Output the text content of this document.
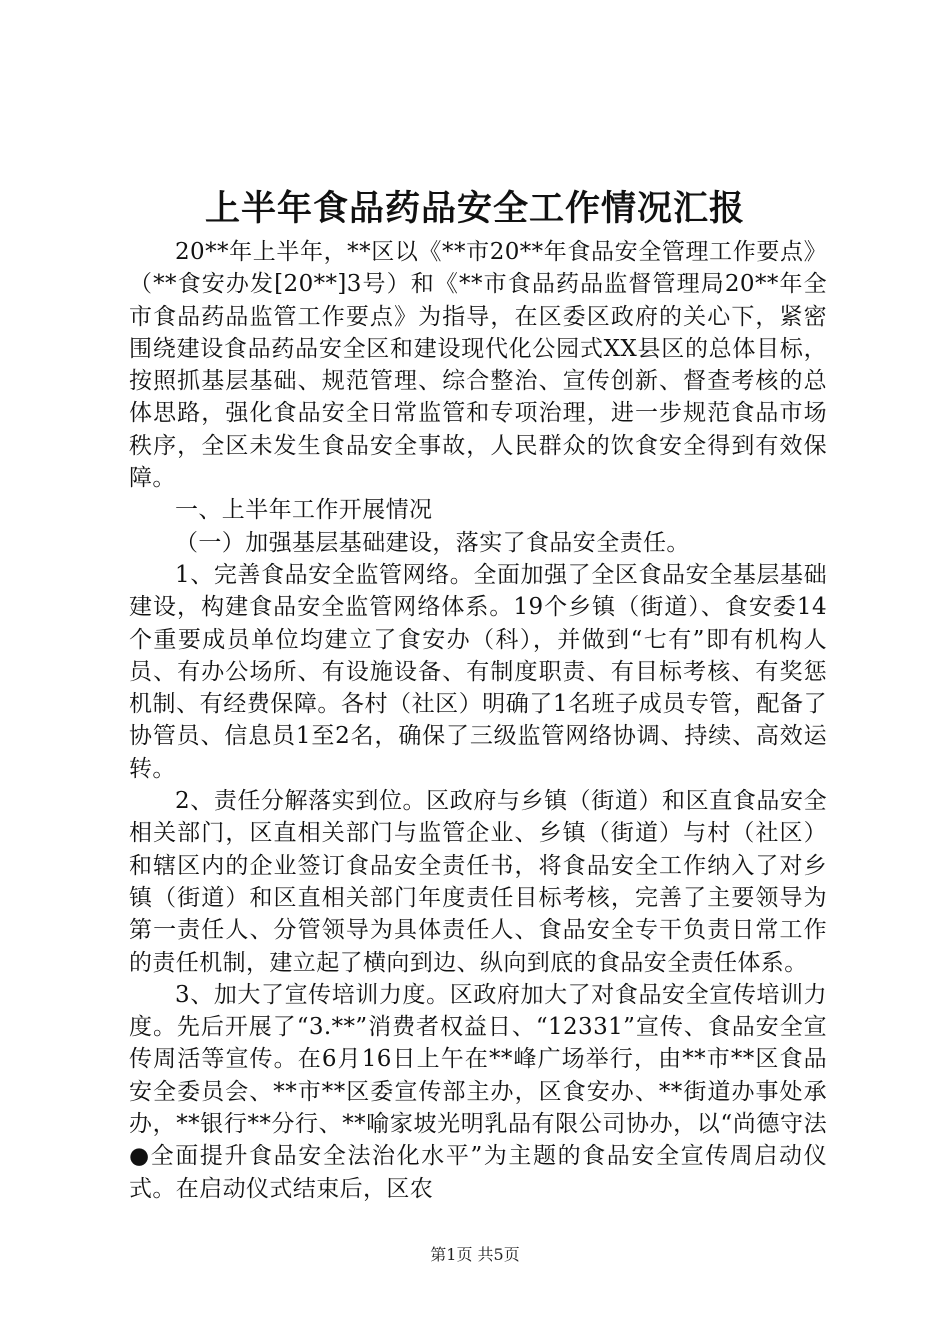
上半年食品药品安全工作情况汇报

20**年上半年，**区以《**市20**年食品安全管理工作要点》（**食安办发[20**]3号）和《**市食品药品监督管理局20**年全市食品药品监管工作要点》为指导，在区委区政府的关心下，紧密围绕建设食品药品安全区和建设现代化公园式XX县区的总体目标，按照抓基层基础、规范管理、综合整治、宣传创新、督查考核的总体思路，强化食品安全日常监管和专项治理，进一步规范食品市场秩序，全区未发生食品安全事故，人民群众的饮食安全得到有效保障。

一、上半年工作开展情况

（一）加强基层基础建设，落实了食品安全责任。

1、完善食品安全监管网络。全面加强了全区食品安全基层基础建设，构建食品安全监管网络体系。19个乡镇（街道）、食安委14个重要成员单位均建立了食安办（科），并做到“七有”即有机构人员、有办公场所、有设施设备、有制度职责、有目标考核、有奖惩机制、有经费保障。各村（社区）明确了1名班子成员专管，配备了协管员、信息员1至2名，确保了三级监管网络协调、持续、高效运转。

2、责任分解落实到位。区政府与乡镇（街道）和区直食品安全相关部门，区直相关部门与监管企业、乡镇（街道）与村（社区）和辖区内的企业签订食品安全责任书，将食品安全工作纳入了对乡镇（街道）和区直相关部门年度责任目标考核，完善了主要领导为第一责任人、分管领导为具体责任人、食品安全专干负责日常工作的责任机制，建立起了横向到边、纵向到底的食品安全责任体系。

3、加大了宣传培训力度。区政府加大了对食品安全宣传培训力度。先后开展了“3.**”消费者权益日、“12331”宣传、食品安全宣传周活等宣传。在6月16日上午在**峰广场举行，由**市**区食品安全委员会、**市**区委宣传部主办，区食安办、**街道办事处承办，**银行**分行、**喻家坡光明乳品有限公司协办，以“尚德守法●全面提升食品安全法治化水平”为主题的食品安全宣传周启动仪式。在启动仪式结束后，区农

第1页 共5页
